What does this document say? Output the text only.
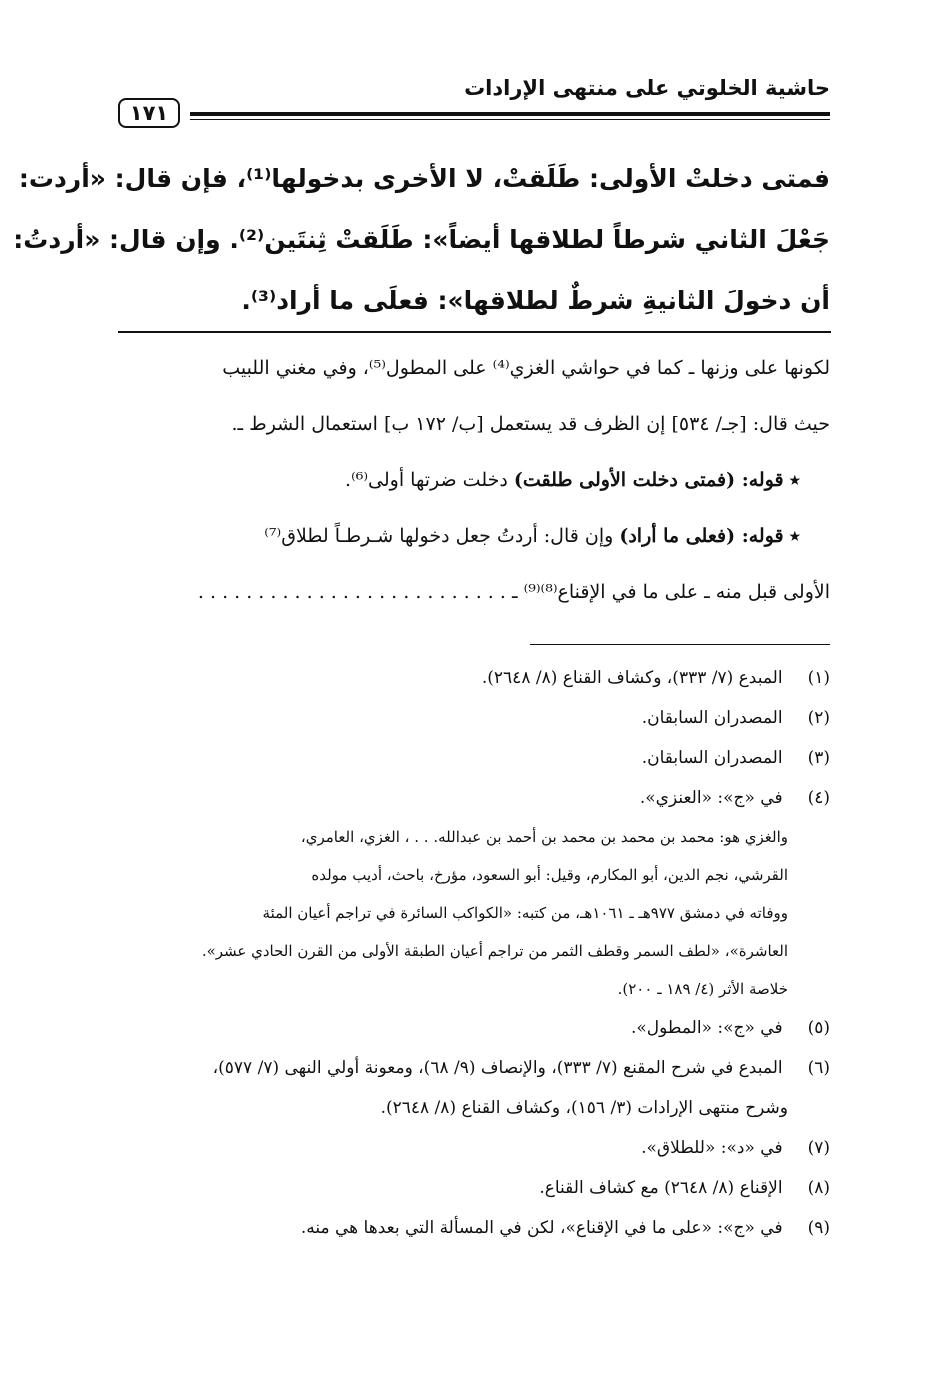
حاشية الخلوتي على منتهى الإرادات
١٧١
فمتى دخلتْ الأولى: طَلَقتْ، لا الأخرى بدخولها⁽¹⁾، فإن قال: «أردت:
جَعْلَ الثاني شرطاً لطلاقها أيضاً»: طَلَقتْ ثِنتَين⁽²⁾. وإن قال: «أردتُ:
أن دخولَ الثانيةِ شرطٌ لطلاقها»: فعلَى ما أراد⁽³⁾.
لكونها على وزنها ـ كما في حواشي الغزي⁽⁴⁾ على المطول⁽⁵⁾، وفي مغني اللبيب
حيث قال: [جـ/ ٥٣٤] إن الظرف قد يستعمل [ب/ ١٧٢ ب] استعمال الشرط ـ.
٭ قوله: (فمتى دخلت الأولى طلقت) دخلت ضرتها أولى⁽⁶⁾.
٭ قوله: (فعلى ما أراد) وإن قال: أردتُ جعل دخولها شـرطـاً لطلاق⁽⁷⁾
الأولى قبل منه ـ على ما في الإقناع⁽⁸⁾⁽⁹⁾ ـ . . . . . . . . . . . . . . . . . . . . . . . . . .
(١) المبدع (٧/ ٣٣٣)، وكشاف القناع (٨/ ٢٦٤٨).
(٢) المصدران السابقان.
(٣) المصدران السابقان.
(٤) في «ج»: «العنزي».
والغزي هو: محمد بن محمد بن محمد بن أحمد بن عبدالله. . . ، الغزي، العامري،
القرشي، نجم الدين، أبو المكارم، وقيل: أبو السعود، مؤرخ، باحث، أديب مولده
ووفاته في دمشق ٩٧٧هـ ـ ١٠٦١هـ، من كتبه: «الكواكب السائرة في تراجم أعيان المئة
العاشرة»، «لطف السمر وقطف الثمر من تراجم أعيان الطبقة الأولى من القرن الحادي عشر».
خلاصة الأثر (٤/ ١٨٩ ـ ٢٠٠).
(٥) في «ج»: «المطول».
(٦) المبدع في شرح المقنع (٧/ ٣٣٣)، والإنصاف (٩/ ٦٨)، ومعونة أولي النهى (٧/ ٥٧٧)،
وشرح منتهى الإرادات (٣/ ١٥٦)، وكشاف القناع (٨/ ٢٦٤٨).
(٧) في «د»: «للطلاق».
(٨) الإقناع (٨/ ٢٦٤٨) مع كشاف القناع.
(٩) في «ج»: «على ما في الإقناع»، لكن في المسألة التي بعدها هي منه.
